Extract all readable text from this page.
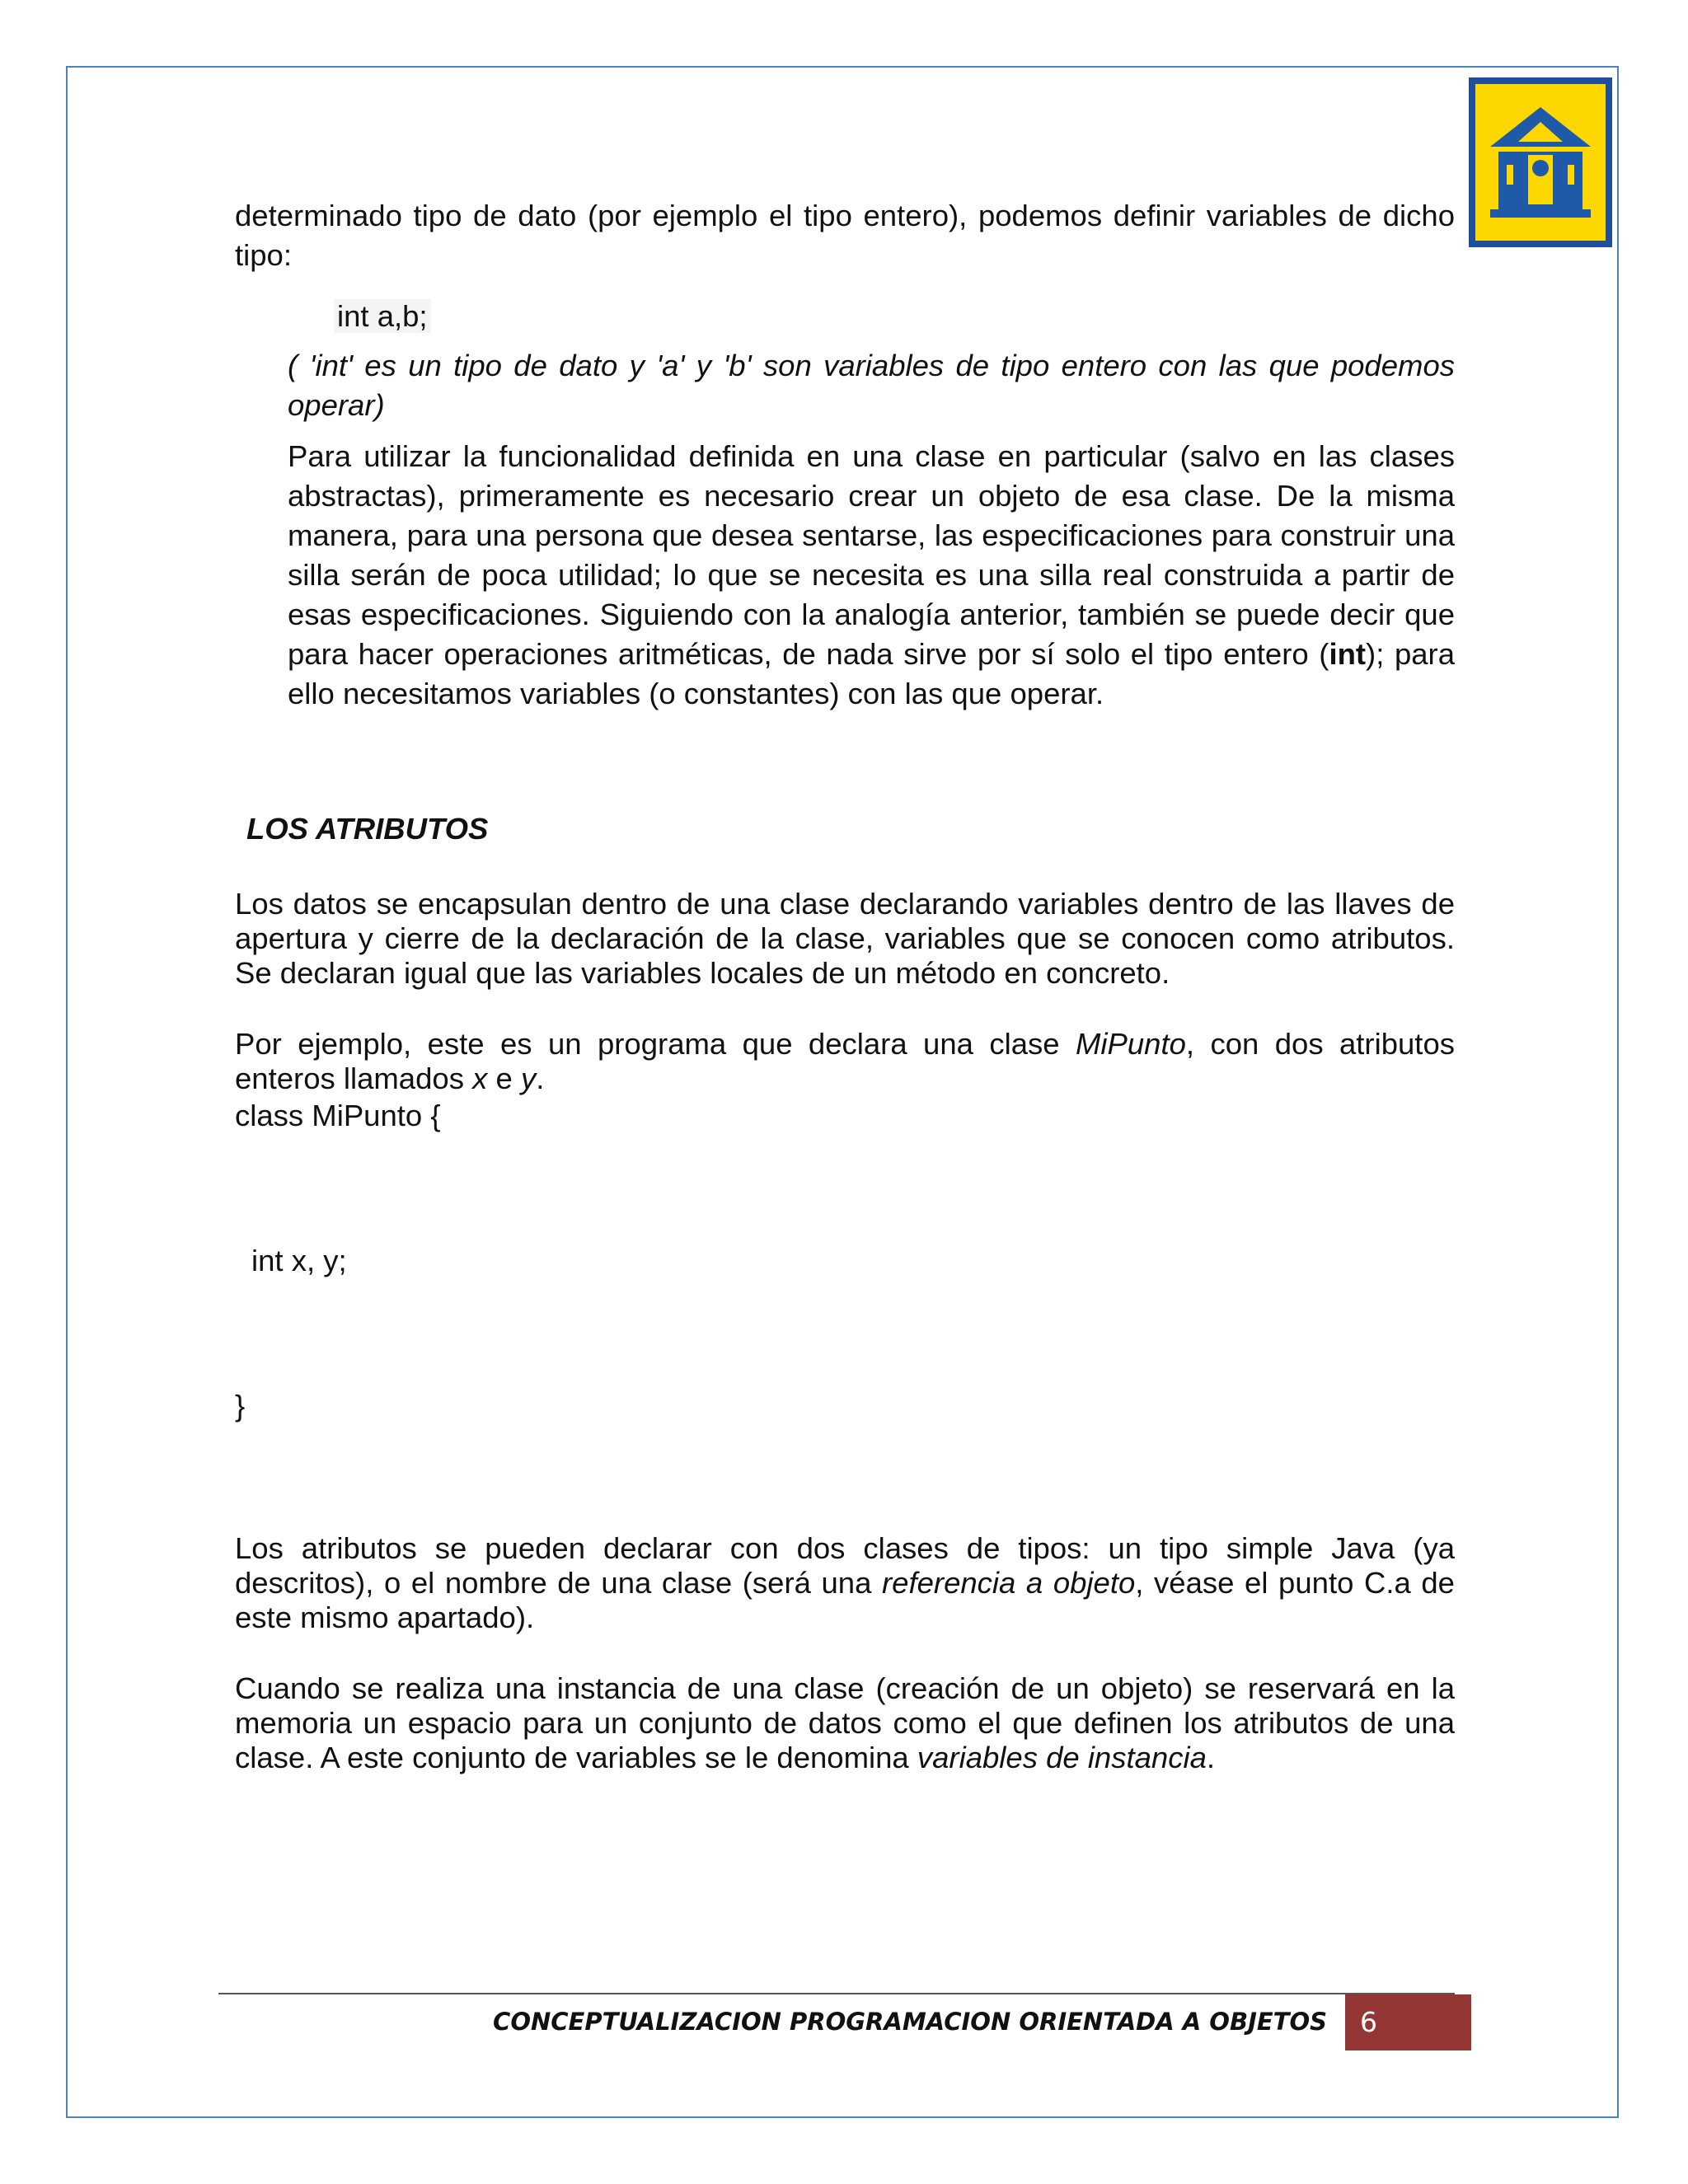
determinado tipo de dato (por ejemplo el tipo entero), podemos definir variables de dicho tipo:

int a,b;

( 'int' es un tipo de dato y 'a' y 'b' son variables de tipo entero con las que podemos operar)

Para utilizar la funcionalidad definida en una clase en particular (salvo en las clases abstractas), primeramente es necesario crear un objeto de esa clase. De la misma manera, para una persona que desea sentarse, las especificaciones para construir una silla serán de poca utilidad; lo que se necesita es una silla real construida a partir de esas especificaciones. Siguiendo con la analogía anterior, también se puede decir que para hacer operaciones aritméticas, de nada sirve por sí solo el tipo entero (int); para ello necesitamos variables (o constantes) con las que operar.

LOS ATRIBUTOS

Los datos se encapsulan dentro de una clase declarando variables dentro de las llaves de apertura y cierre de la declaración de la clase, variables que se conocen como atributos. Se declaran igual que las variables locales de un método en concreto.

Por ejemplo, este es un programa que declara una clase MiPunto, con dos atributos enteros llamados x e y.

class MiPunto {

int x, y;

}

Los atributos se pueden declarar con dos clases de tipos: un tipo simple Java (ya descritos), o el nombre de una clase (será una referencia a objeto, véase el punto C.a de este mismo apartado).

Cuando se realiza una instancia de una clase (creación de un objeto) se reservará en la memoria un espacio para un conjunto de datos como el que definen los atributos de una clase. A este conjunto de variables se le denomina variables de instancia.

CONCEPTUALIZACION PROGRAMACION ORIENTADA A OBJETOS	6
